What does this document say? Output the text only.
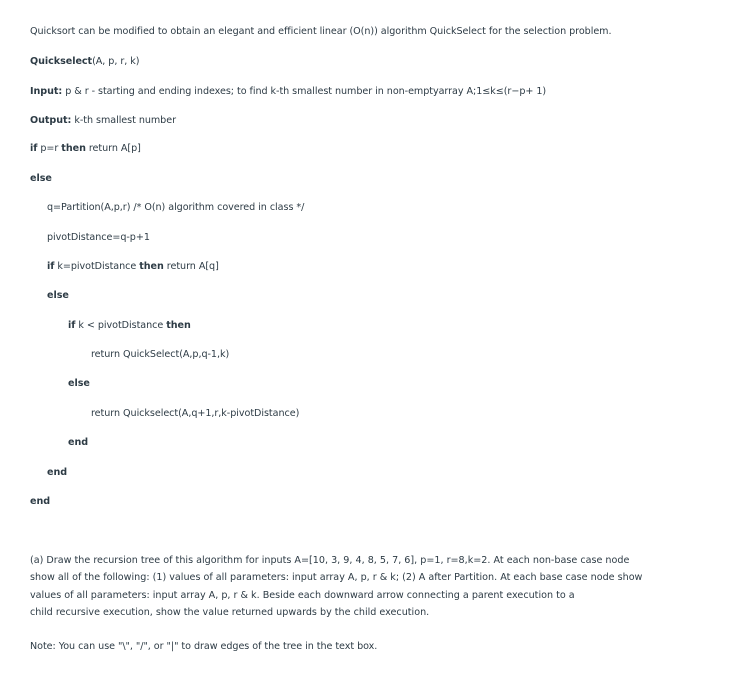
Quicksort can be modified to obtain an elegant and efficient linear (O(n)) algorithm QuickSelect for the selection problem.
Quickselect(A, p, r, k)
Input: p & r - starting and ending indexes; to find k-th smallest number in non-emptyarray A;1≤k≤(r−p+ 1)
Output: k-th smallest number
if p=r then return A[p]
else
q=Partition(A,p,r) /* O(n) algorithm covered in class */
pivotDistance=q-p+1
if k=pivotDistance then return A[q]
else
if k < pivotDistance then
return QuickSelect(A,p,q-1,k)
else
return Quickselect(A,q+1,r,k-pivotDistance)
end
end
end
(a) Draw the recursion tree of this algorithm for inputs A=[10, 3, 9, 4, 8, 5, 7, 6], p=1, r=8,k=2. At each non-base case node
show all of the following: (1) values of all parameters: input array A, p, r & k; (2) A after Partition. At each base case node show
values of all parameters: input array A, p, r & k. Beside each downward arrow connecting a parent execution to a
child recursive execution, show the value returned upwards by the child execution.
Note: You can use "\", "/", or "|" to draw edges of the tree in the text box.
